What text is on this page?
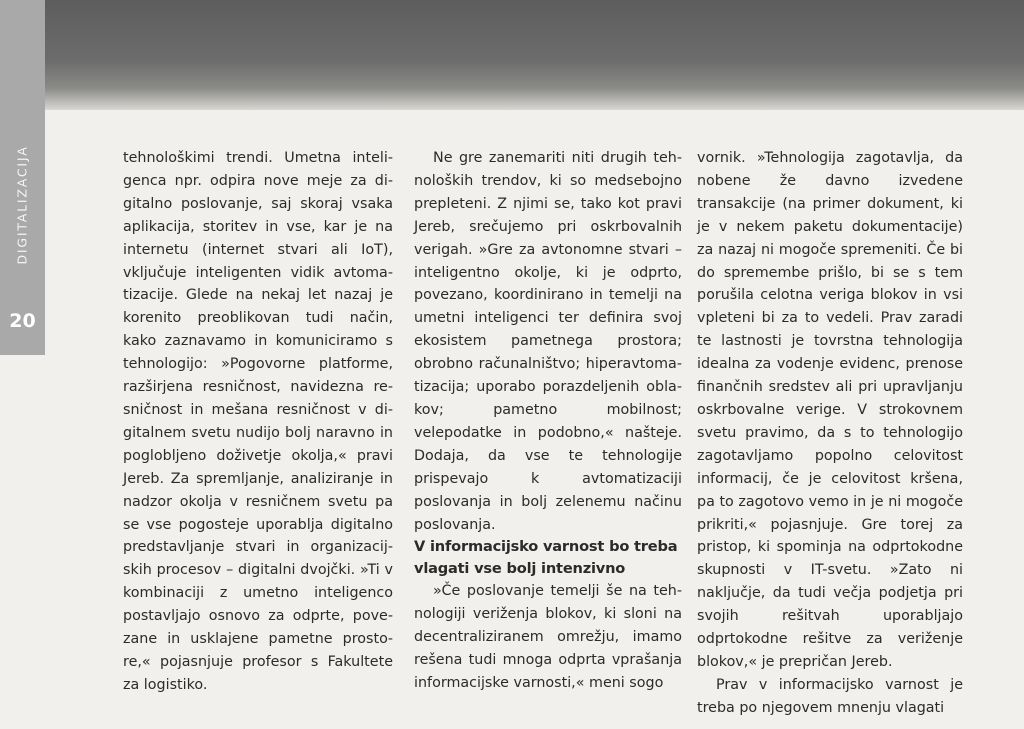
DIGITALIZACIJA
20

tehnološkimi trendi. Umetna inteligenca npr. odpira nove meje za digitalno poslovanje, saj skoraj vsaka aplikacija, storitev in vse, kar je na internetu (internet stvari ali IoT), vključuje inteligenten vidik avtomatizacije. Glede na nekaj let nazaj je korenito preoblikovan tudi način, kako zaznavamo in komuniciramo s tehnologijo: »Pogovorne platforme, razširjena resničnost, navidezna resničnost in mešana resničnost v digitalnem svetu nudijo bolj naravno in poglobljeno doživetje okolja,« pravi Jereb. Za spremljanje, analiziranje in nadzor okolja v resničnem svetu pa se vse pogosteje uporablja digitalno predstavljanje stvari in organizacijskih procesov – digitalni dvojčki. »Ti v kombinaciji z umetno inteligenco postavljajo osnovo za odprte, povezane in usklajene pametne prostore,« pojasnjuje profesor s Fakultete za logistiko.

Ne gre zanemariti niti drugih tehnoloških trendov, ki so medsebojno prepleteni. Z njimi se, tako kot pravi Jereb, srečujemo pri oskrbovalnih verigah. »Gre za avtonomne stvari – inteligentno okolje, ki je odprto, povezano, koordinirano in temelji na umetni inteligenci ter definira svoj ekosistem pametnega prostora; obrobno računalništvo; hiperavtomatizacija; uporabo porazdeljenih oblakov; pametno mobilnost; velepodatke in podobno,« našteje. Dodaja, da vse te tehnologije prispevajo k avtomatizaciji poslovanja in bolj zelenemu načinu poslovanja.

V informacijsko varnost bo treba vlagati vse bolj intenzivno

»Če poslovanje temelji še na tehnologiji veriženja blokov, ki sloni na decentraliziranem omrežju, imamo rešena tudi mnoga odprta vprašanja informacijske varnosti,« meni sogo

vornik. »Tehnologija zagotavlja, da nobene že davno izvedene transakcije (na primer dokument, ki je v nekem paketu dokumentacije) za nazaj ni mogoče spremeniti. Če bi do spremembe prišlo, bi se s tem porušila celotna veriga blokov in vsi vpleteni bi za to vedeli. Prav zaradi te lastnosti je tovrstna tehnologija idealna za vodenje evidenc, prenose finančnih sredstev ali pri upravljanju oskrbovalne verige. V strokovnem svetu pravimo, da s to tehnologijo zagotavljamo popolno celovitost informacij, če je celovitost kršena, pa to zagotovo vemo in je ni mogoče prikriti,« pojasnjuje. Gre torej za pristop, ki spominja na odprtokodne skupnosti v IT-svetu. »Zato ni naključje, da tudi večja podjetja pri svojih rešitvah uporabljajo odprtokodne rešitve za veriženje blokov,« je prepričan Jereb.

Prav v informacijsko varnost je treba po njegovem mnenju vlagati
